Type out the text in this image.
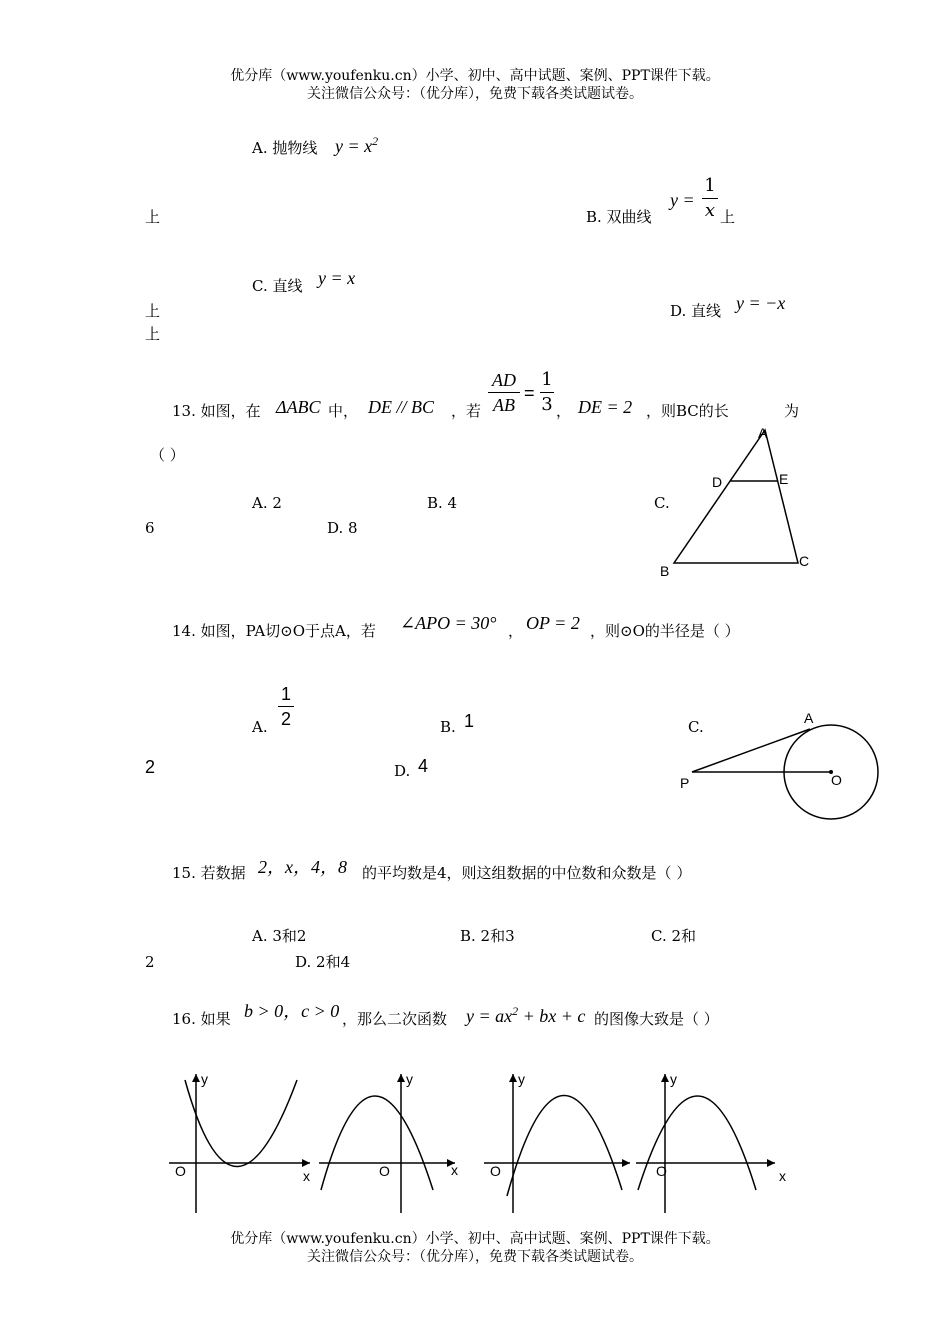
优分库（www.youfenku.cn）小学、初中、高中试题、案例、PPT课件下载。
关注微信公众号：（优分库），免费下载各类试题试卷。
A. 抛物线 $y = x^2$
上	B. 双曲线
y =
1
x 上
C. 直线 y = x
上	D. 直线 y = −x
上
13. 如图，在 ΔABC 中， DE // BC ，若
AD
AB
=
1
3 ， DE = 2 ，则BC的长	为
（ ）
A. 2	B. 4	C.
6	D. 8
A
D	E
B
C
14. 如图，PA切⊙O于点A，若 ∠APO = 30° ， OP = 2 ，则⊙O的半径是（ ）
A.
1
2	B. 1	C.
2	D. 4
A
P	O
15. 若数据 2，x，4，8 的平均数是4，则这组数据的中位数和众数是（ ）
A. 3和2	B. 2和3	C. 2和
2	D. 2和4
16. 如果 b > 0，c > 0 ，那么二次函数 $y = ax^2$ + bx + c 的图像大致是（ ）
y
x
O
y
x
O
y
O
y
x
O
优分库（www.youfenku.cn）小学、初中、高中试题、案例、PPT课件下载。
关注微信公众号：（优分库），免费下载各类试题试卷。
